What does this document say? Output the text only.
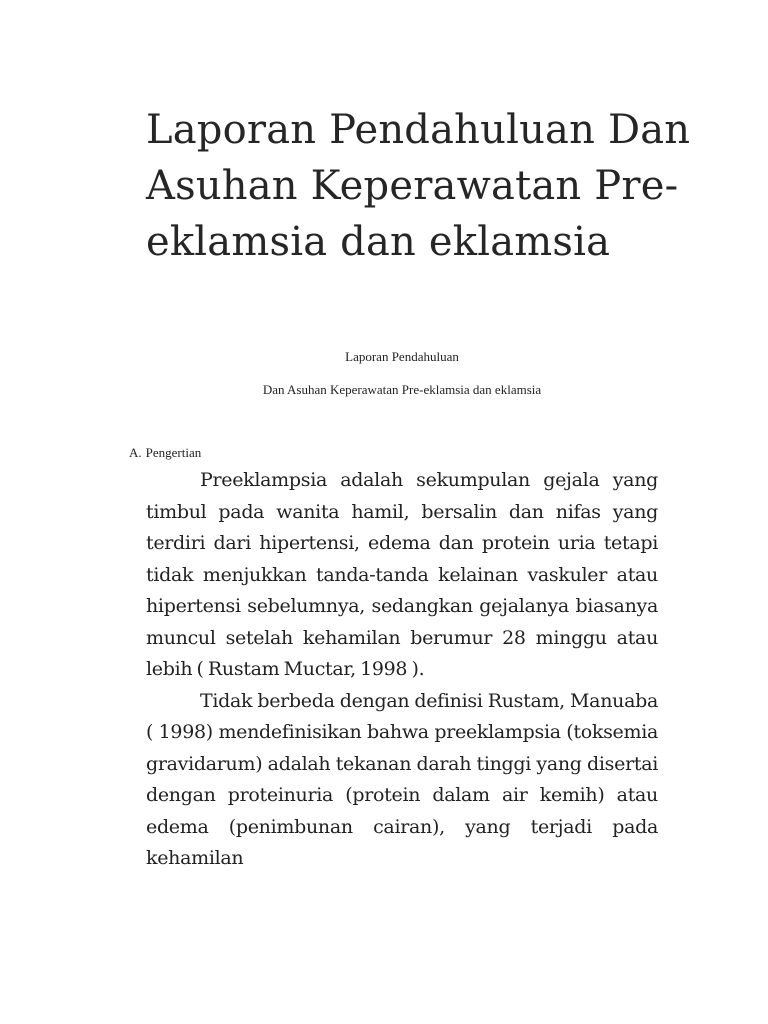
Laporan Pendahuluan Dan Asuhan Keperawatan Pre-eklamsia dan eklamsia

Laporan Pendahuluan

Dan Asuhan Keperawatan Pre-eklamsia dan eklamsia

A. Pengertian

Preeklampsia adalah sekumpulan gejala yang timbul pada wanita hamil, bersalin dan nifas yang terdiri dari hipertensi, edema dan protein uria tetapi tidak menjukkan tanda-tanda kelainan vaskuler atau hipertensi sebelumnya, sedangkan gejalanya biasanya muncul setelah kehamilan berumur 28 minggu atau lebih ( Rustam Muctar, 1998 ).

Tidak berbeda dengan definisi Rustam, Manuaba ( 1998) mendefinisikan bahwa preeklampsia (toksemia gravidarum) adalah tekanan darah tinggi yang disertai dengan proteinuria (protein dalam air kemih) atau edema (penimbunan cairan), yang terjadi pada kehamilan
